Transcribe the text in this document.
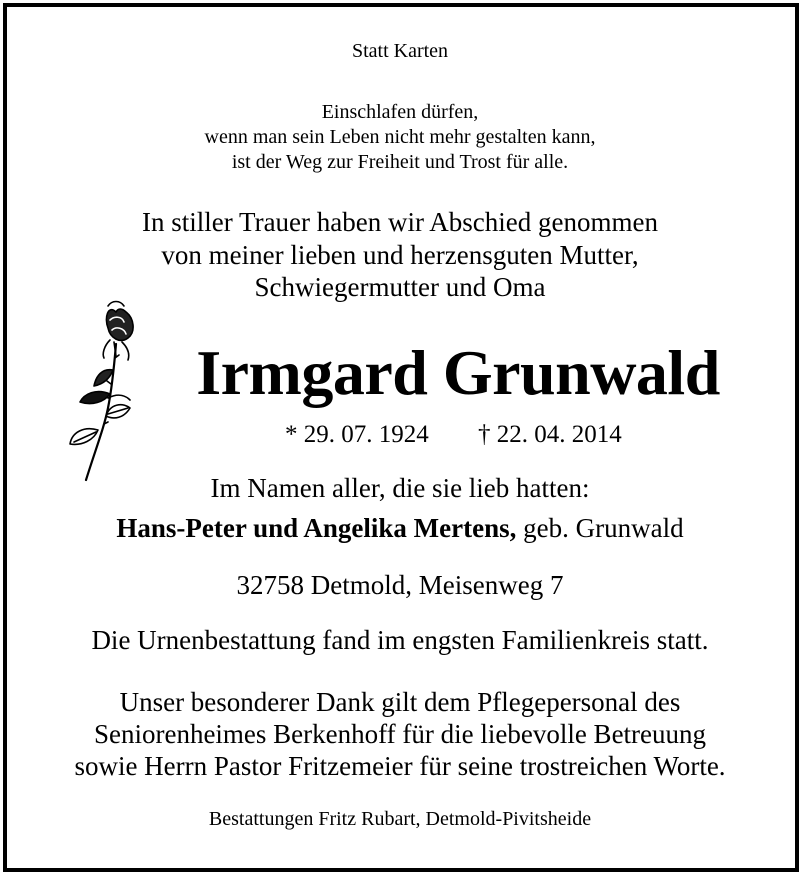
Statt Karten
Einschlafen dürfen,
wenn man sein Leben nicht mehr gestalten kann,
ist der Weg zur Freiheit und Trost für alle.
In stiller Trauer haben wir Abschied genommen
von meiner lieben und herzensguten Mutter,
Schwiegermutter und Oma
Irmgard Grunwald
* 29. 07. 1924 † 22. 04. 2014
Im Namen aller, die sie lieb hatten:
Hans-Peter und Angelika Mertens, geb. Grunwald
32758 Detmold, Meisenweg 7
Die Urnenbestattung fand im engsten Familienkreis statt.
Unser besonderer Dank gilt dem Pflegepersonal des
Seniorenheimes Berkenhoff für die liebevolle Betreuung
sowie Herrn Pastor Fritzemeier für seine trostreichen Worte.
Bestattungen Fritz Rubart, Detmold-Pivitsheide
